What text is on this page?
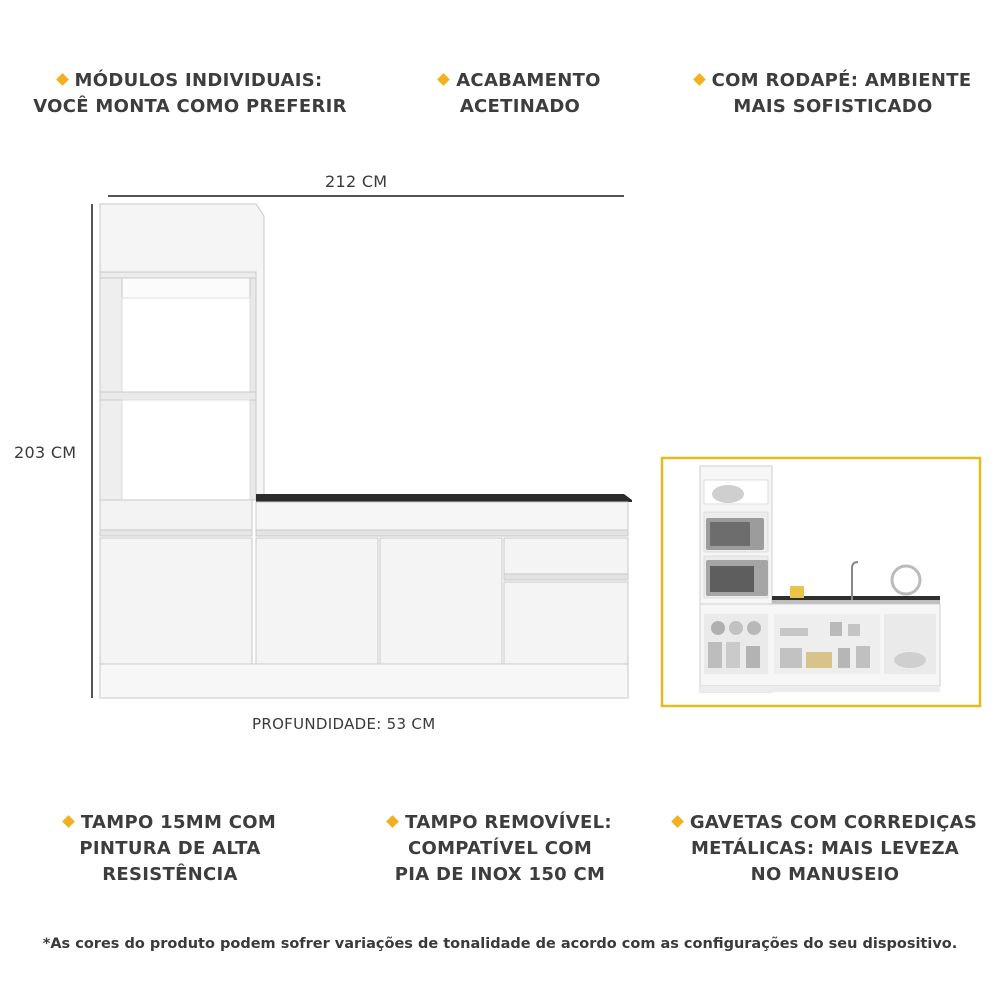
MÓDULOS INDIVIDUAIS:
VOCÊ MONTA COMO PREFERIR
ACABAMENTO
ACETINADO
COM RODAPÉ: AMBIENTE
MAIS SOFISTICADO
212 CM
203 CM
PROFUNDIDADE: 53 CM
TAMPO 15MM COM
PINTURA DE ALTA
RESISTÊNCIA
TAMPO REMOVÍVEL:
COMPATÍVEL COM
PIA DE INOX 150 CM
GAVETAS COM CORREDIÇAS
METÁLICAS: MAIS LEVEZA
NO MANUSEIO
*As cores do produto podem sofrer variações de tonalidade de acordo com as configurações do seu dispositivo.
